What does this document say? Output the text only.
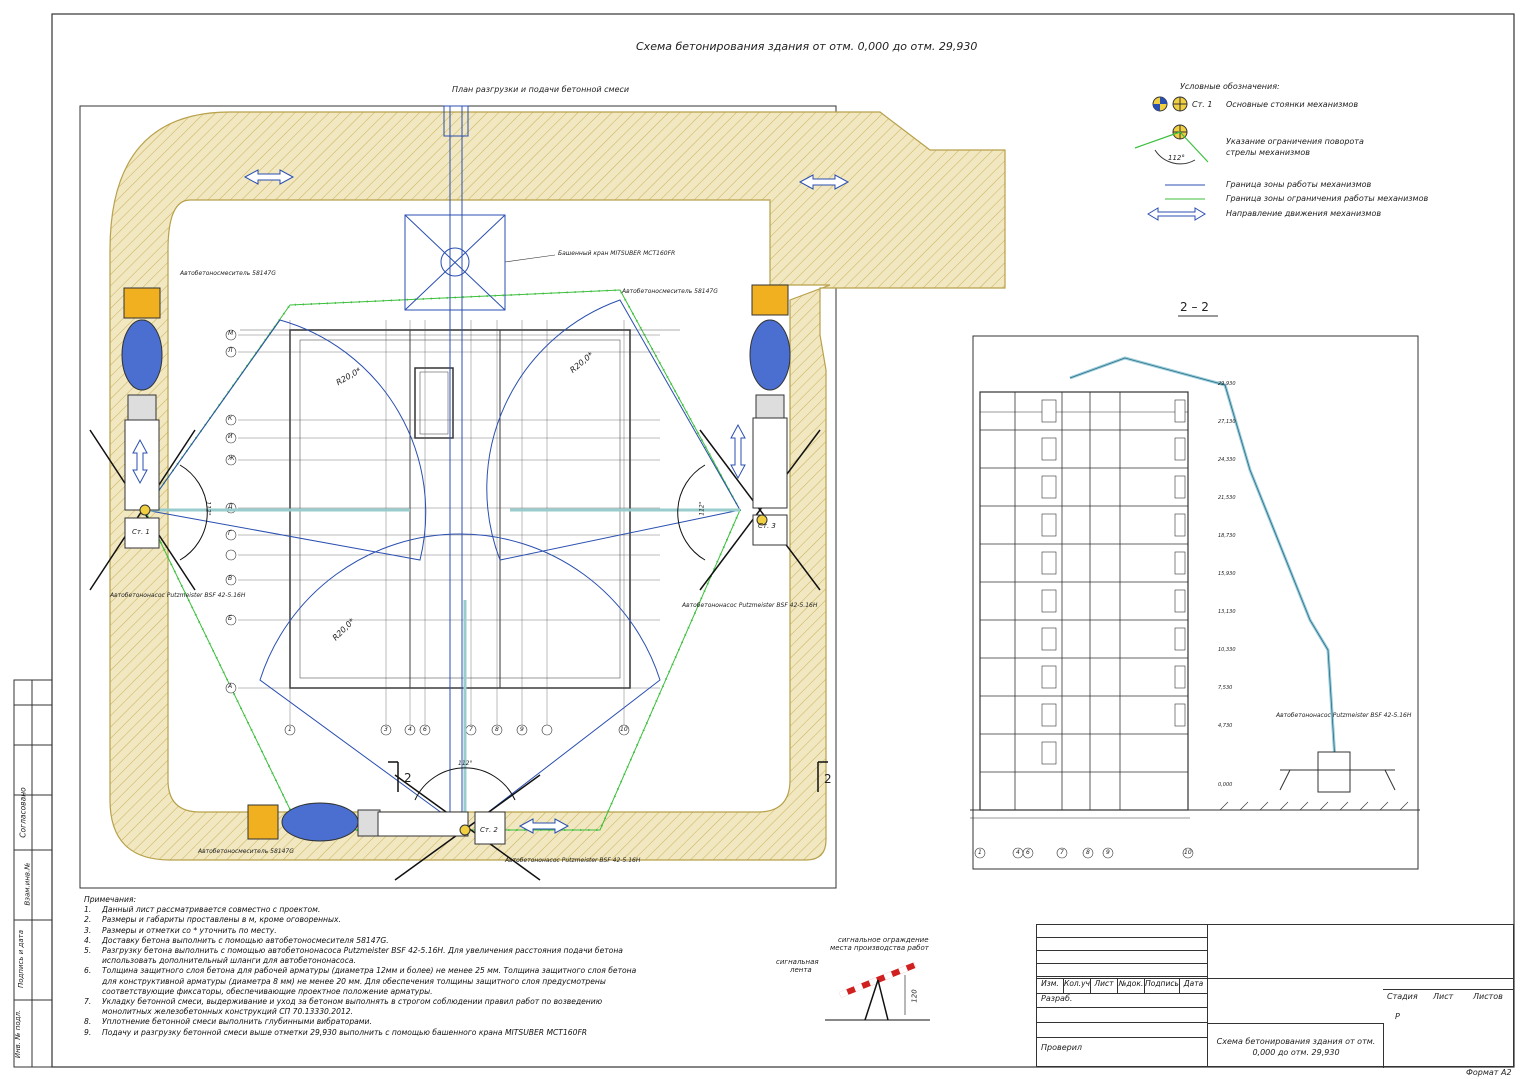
Схема бетонирования здания от отм. 0,000 до отм. 29,930
План разгрузки и подачи бетонной смеси
Башенный кран MITSUBER MCT160FR
Автобетоносмеситель 58147G
Автобетоносмеситель 58147G
Автобетоносмеситель 58147G
Автобетононасос Putzmeister BSF 42-5.16H
Автобетононасос Putzmeister BSF 42-5.16H
Автобетононасос Putzmeister BSF 42-5.16H
Ст. 1
Ст. 2
Ст. 3
R20,0*
R20,0*
R20,0*
112°	112°
112°
2	2
М
Л
К
И
Ж
Д
Г
В
Б
А
1	3	4 6	7	8	9	10
Условные обозначения:
Ст. 1 Основные стоянки механизмов
112°
Указание ограничения поворота стрелы механизмов
Граница зоны работы механизмов
Граница зоны ограничения работы механизмов
Направление движения механизмов
2 – 2
Автобетононасос Putzmeister BSF 42-5.16H
29,930
27,130
24,330
21,530
18,730
15,930
13,130
10,330
7,530
4,730
0,000
1	4 6	7	8	9	10
сигнальное ограждение
места производства работ
сигнальная
лента
120
Примечания:
1.	Данный лист рассматривается совместно с проектом.
2.	Размеры и габариты проставлены в м, кроме оговоренных.
3.	Размеры и отметки со * уточнить по месту.
4.	Доставку бетона выполнить с помощью автобетоносмесителя 58147G.
5.	Разгрузку бетона выполнить с помощью автобетононасоса Putzmeister BSF 42-5.16H. Для увеличения расстояния подачи бетона использовать дополнительный шланги для автобетононасоса.
6.	Толщина защитного слоя бетона для рабочей арматуры (диаметра 12мм и более) не менее 25 мм. Толщина защитного слоя бетона для конструктивной арматуры (диаметра 8 мм) не менее 20 мм. Для обеспечения толщины защитного слоя предусмотрены соответствующие фиксаторы, обеспечивающие проектное положение арматуры.
7.	Укладку бетонной смеси, выдерживание и уход за бетоном выполнять в строгом соблюдении правил работ по возведению монолитных железобетонных конструкций СП 70.13330.2012.
8.	Уплотнение бетонной смеси выполнить глубинными вибраторами.
9.	Подачу и разгрузку бетонной смеси выше отметки 29,930 выполнить с помощью башенного крана MITSUBER MCT160FR
Изм. Кол.уч Лист №док. Подпись Дата
Разраб.
Проверил
Схема бетонирования здания от отм. 0,000 до отм. 29,930
Стадия Лист Листов
Р
Формат А2
Согласовано
Взам.инв.№
Подпись и дата
Инв. № подл.
